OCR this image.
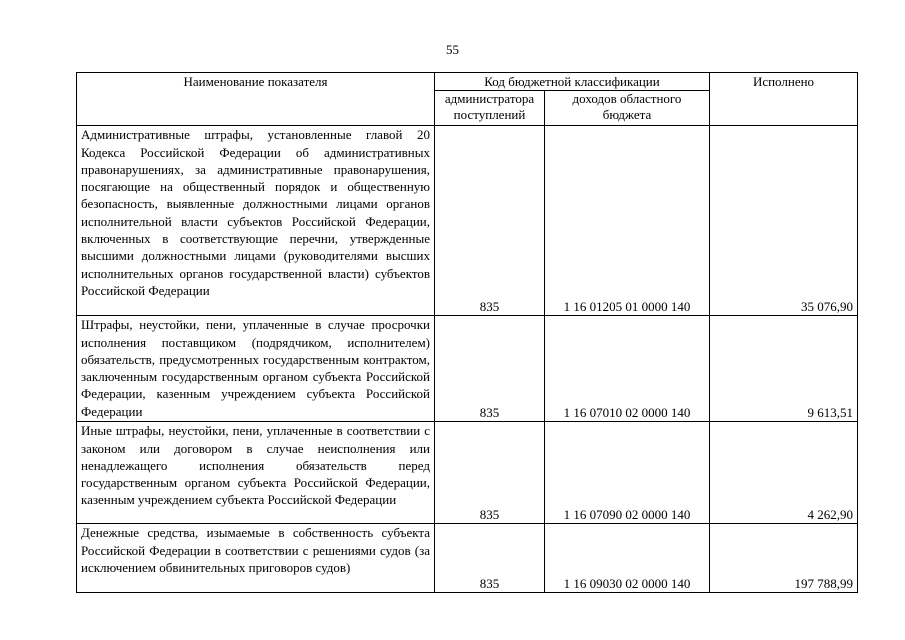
55
Наименование показателя	Код бюджетной классификации		Исполнено
	администратора поступлений	доходов областного бюджета	
Административные штрафы, установленные главой 20 Кодекса Российской Федерации об административных правонарушениях, за административные правонарушения, посягающие на общественный порядок и общественную безопасность, выявленные должностными лицами органов исполнительной власти субъектов Российской Федерации, включенных в соответствующие перечни, утвержденные высшими должностными лицами (руководителями высших исполнительных органов государственной власти) субъектов Российской Федерации	835	1 16 01205 01 0000 140	35 076,90
Штрафы, неустойки, пени, уплаченные в случае просрочки исполнения поставщиком (подрядчиком, исполнителем) обязательств, предусмотренных государственным контрактом, заключенным государственным органом субъекта Российской Федерации, казенным учреждением субъекта Российской Федерации	835	1 16 07010 02 0000 140	9 613,51
Иные штрафы, неустойки, пени, уплаченные в соответствии с законом или договором в случае неисполнения или ненадлежащего исполнения обязательств перед государственным органом субъекта Российской Федерации, казенным учреждением субъекта Российской Федерации	835	1 16 07090 02 0000 140	4 262,90
Денежные средства, изымаемые в собственность субъекта Российской Федерации в соответствии с решениями судов (за исключением обвинительных приговоров судов)	835	1 16 09030 02 0000 140	197 788,99
